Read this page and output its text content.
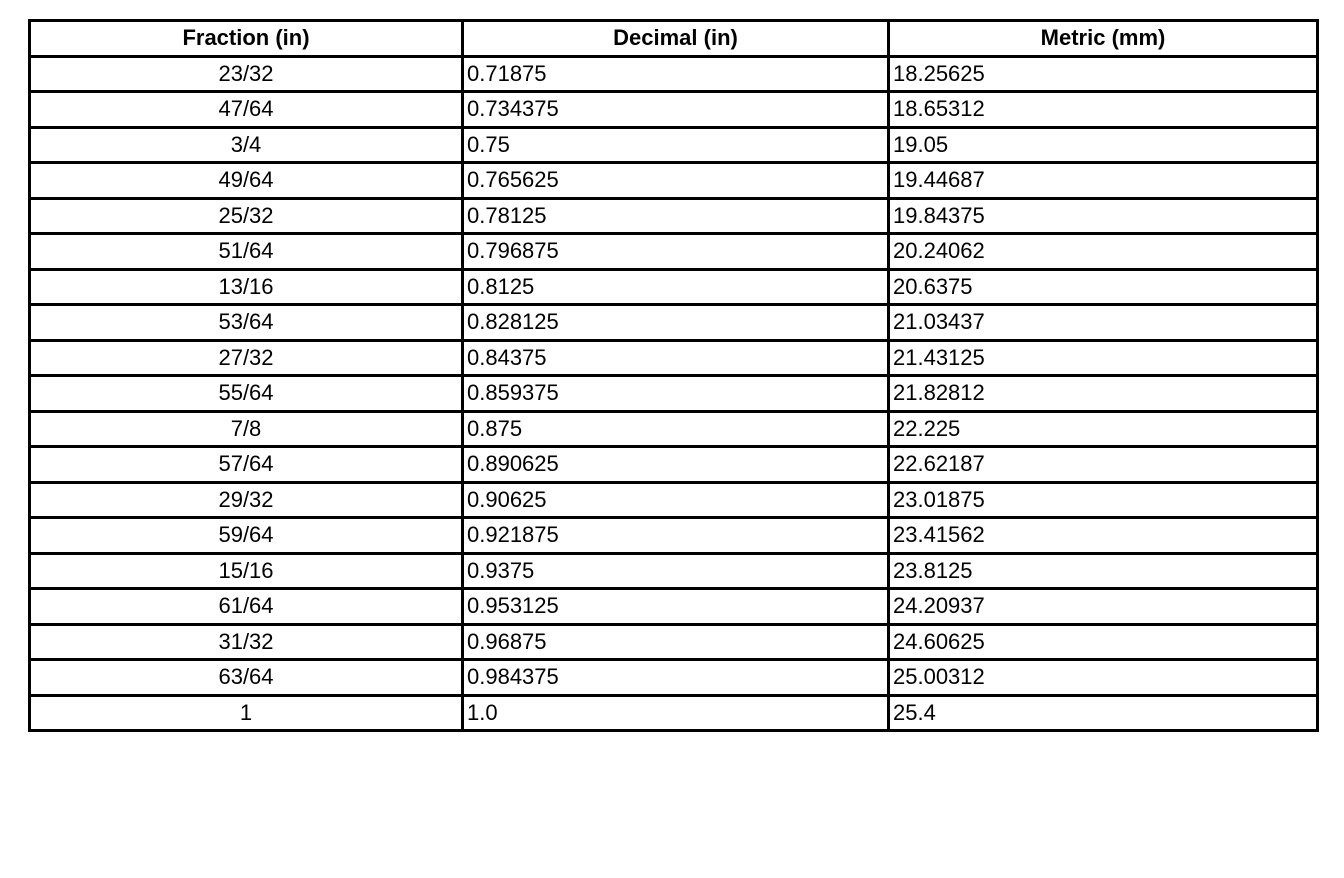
Fraction (in)	Decimal (in)	Metric (mm)
23/32	0.71875	18.25625
47/64	0.734375	18.65312
3/4	0.75	19.05
49/64	0.765625	19.44687
25/32	0.78125	19.84375
51/64	0.796875	20.24062
13/16	0.8125	20.6375
53/64	0.828125	21.03437
27/32	0.84375	21.43125
55/64	0.859375	21.82812
7/8	0.875	22.225
57/64	0.890625	22.62187
29/32	0.90625	23.01875
59/64	0.921875	23.41562
15/16	0.9375	23.8125
61/64	0.953125	24.20937
31/32	0.96875	24.60625
63/64	0.984375	25.00312
1	1.0	25.4
